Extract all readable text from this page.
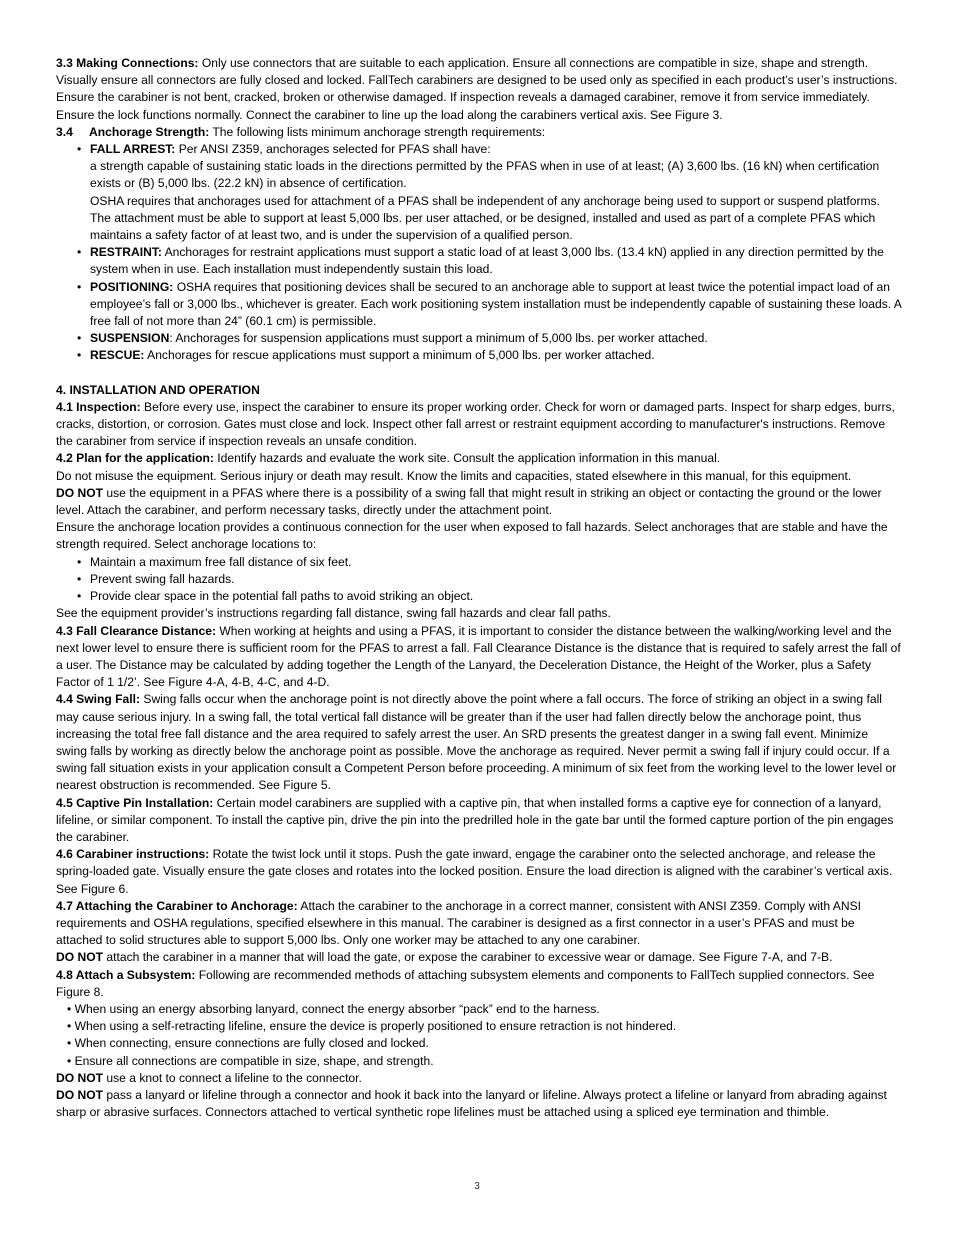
3.3 Making Connections: Only use connectors that are suitable to each application. Ensure all connections are compatible in size, shape and strength. Visually ensure all connectors are fully closed and locked. FallTech carabiners are designed to be used only as specified in each product’s user’s instructions. Ensure the carabiner is not bent, cracked, broken or otherwise damaged. If inspection reveals a damaged carabiner, remove it from service immediately. Ensure the lock functions normally. Connect the carabiner to line up the load along the carabiners vertical axis. See Figure 3.

3.4 Anchorage Strength: The following lists minimum anchorage strength requirements:

• FALL ARREST: Per ANSI Z359, anchorages selected for PFAS shall have:
a strength capable of sustaining static loads in the directions permitted by the PFAS when in use of at least; (A) 3,600 lbs. (16 kN) when certification exists or (B) 5,000 lbs. (22.2 kN) in absence of certification.
OSHA requires that anchorages used for attachment of a PFAS shall be independent of any anchorage being used to support or suspend platforms. The attachment must be able to support at least 5,000 lbs. per user attached, or be designed, installed and used as part of a complete PFAS which maintains a safety factor of at least two, and is under the supervision of a qualified person.
• RESTRAINT: Anchorages for restraint applications must support a static load of at least 3,000 lbs. (13.4 kN) applied in any direction permitted by the system when in use. Each installation must independently sustain this load.
• POSITIONING: OSHA requires that positioning devices shall be secured to an anchorage able to support at least twice the potential impact load of an employee’s fall or 3,000 lbs., whichever is greater. Each work positioning system installation must be independently capable of sustaining these loads. A free fall of not more than 24” (60.1 cm) is permissible.
• SUSPENSION: Anchorages for suspension applications must support a minimum of 5,000 lbs. per worker attached.
• RESCUE: Anchorages for rescue applications must support a minimum of 5,000 lbs. per worker attached.

4. INSTALLATION AND OPERATION

4.1 Inspection: Before every use, inspect the carabiner to ensure its proper working order. Check for worn or damaged parts. Inspect for sharp edges, burrs, cracks, distortion, or corrosion. Gates must close and lock. Inspect other fall arrest or restraint equipment according to manufacturer's instructions. Remove the carabiner from service if inspection reveals an unsafe condition.

4.2 Plan for the application: Identify hazards and evaluate the work site. Consult the application information in this manual.

Do not misuse the equipment. Serious injury or death may result. Know the limits and capacities, stated elsewhere in this manual, for this equipment.

DO NOT use the equipment in a PFAS where there is a possibility of a swing fall that might result in striking an object or contacting the ground or the lower level. Attach the carabiner, and perform necessary tasks, directly under the attachment point.

Ensure the anchorage location provides a continuous connection for the user when exposed to fall hazards. Select anchorages that are stable and have the strength required. Select anchorage locations to:

• Maintain a maximum free fall distance of six feet.
• Prevent swing fall hazards.
• Provide clear space in the potential fall paths to avoid striking an object.

See the equipment provider’s instructions regarding fall distance, swing fall hazards and clear fall paths.

4.3 Fall Clearance Distance: When working at heights and using a PFAS, it is important to consider the distance between the walking/working level and the next lower level to ensure there is sufficient room for the PFAS to arrest a fall. Fall Clearance Distance is the distance that is required to safely arrest the fall of a user. The Distance may be calculated by adding together the Length of the Lanyard, the Deceleration Distance, the Height of the Worker, plus a Safety Factor of 1 1/2’. See Figure 4-A, 4-B, 4-C, and 4-D.

4.4 Swing Fall: Swing falls occur when the anchorage point is not directly above the point where a fall occurs. The force of striking an object in a swing fall may cause serious injury. In a swing fall, the total vertical fall distance will be greater than if the user had fallen directly below the anchorage point, thus increasing the total free fall distance and the area required to safely arrest the user. An SRD presents the greatest danger in a swing fall event. Minimize swing falls by working as directly below the anchorage point as possible. Move the anchorage as required. Never permit a swing fall if injury could occur. If a swing fall situation exists in your application consult a Competent Person before proceeding. A minimum of six feet from the working level to the lower level or nearest obstruction is recommended. See Figure 5.

4.5 Captive Pin Installation: Certain model carabiners are supplied with a captive pin, that when installed forms a captive eye for connection of a lanyard, lifeline, or similar component. To install the captive pin, drive the pin into the predrilled hole in the gate bar until the formed capture portion of the pin engages the carabiner.

4.6 Carabiner instructions: Rotate the twist lock until it stops. Push the gate inward, engage the carabiner onto the selected anchorage, and release the spring-loaded gate. Visually ensure the gate closes and rotates into the locked position. Ensure the load direction is aligned with the carabiner’s vertical axis. See Figure 6.

4.7 Attaching the Carabiner to Anchorage: Attach the carabiner to the anchorage in a correct manner, consistent with ANSI Z359. Comply with ANSI requirements and OSHA regulations, specified elsewhere in this manual. The carabiner is designed as a first connector in a user’s PFAS and must be attached to solid structures able to support 5,000 lbs. Only one worker may be attached to any one carabiner.

DO NOT attach the carabiner in a manner that will load the gate, or expose the carabiner to excessive wear or damage. See Figure 7-A, and 7-B.

4.8 Attach a Subsystem: Following are recommended methods of attaching subsystem elements and components to FallTech supplied connectors. See Figure 8.

• When using an energy absorbing lanyard, connect the energy absorber “pack” end to the harness.
• When using a self-retracting lifeline, ensure the device is properly positioned to ensure retraction is not hindered.
• When connecting, ensure connections are fully closed and locked.
• Ensure all connections are compatible in size, shape, and strength.

DO NOT use a knot to connect a lifeline to the connector.

DO NOT pass a lanyard or lifeline through a connector and hook it back into the lanyard or lifeline. Always protect a lifeline or lanyard from abrading against sharp or abrasive surfaces. Connectors attached to vertical synthetic rope lifelines must be attached using a spliced eye termination and thimble.

3
